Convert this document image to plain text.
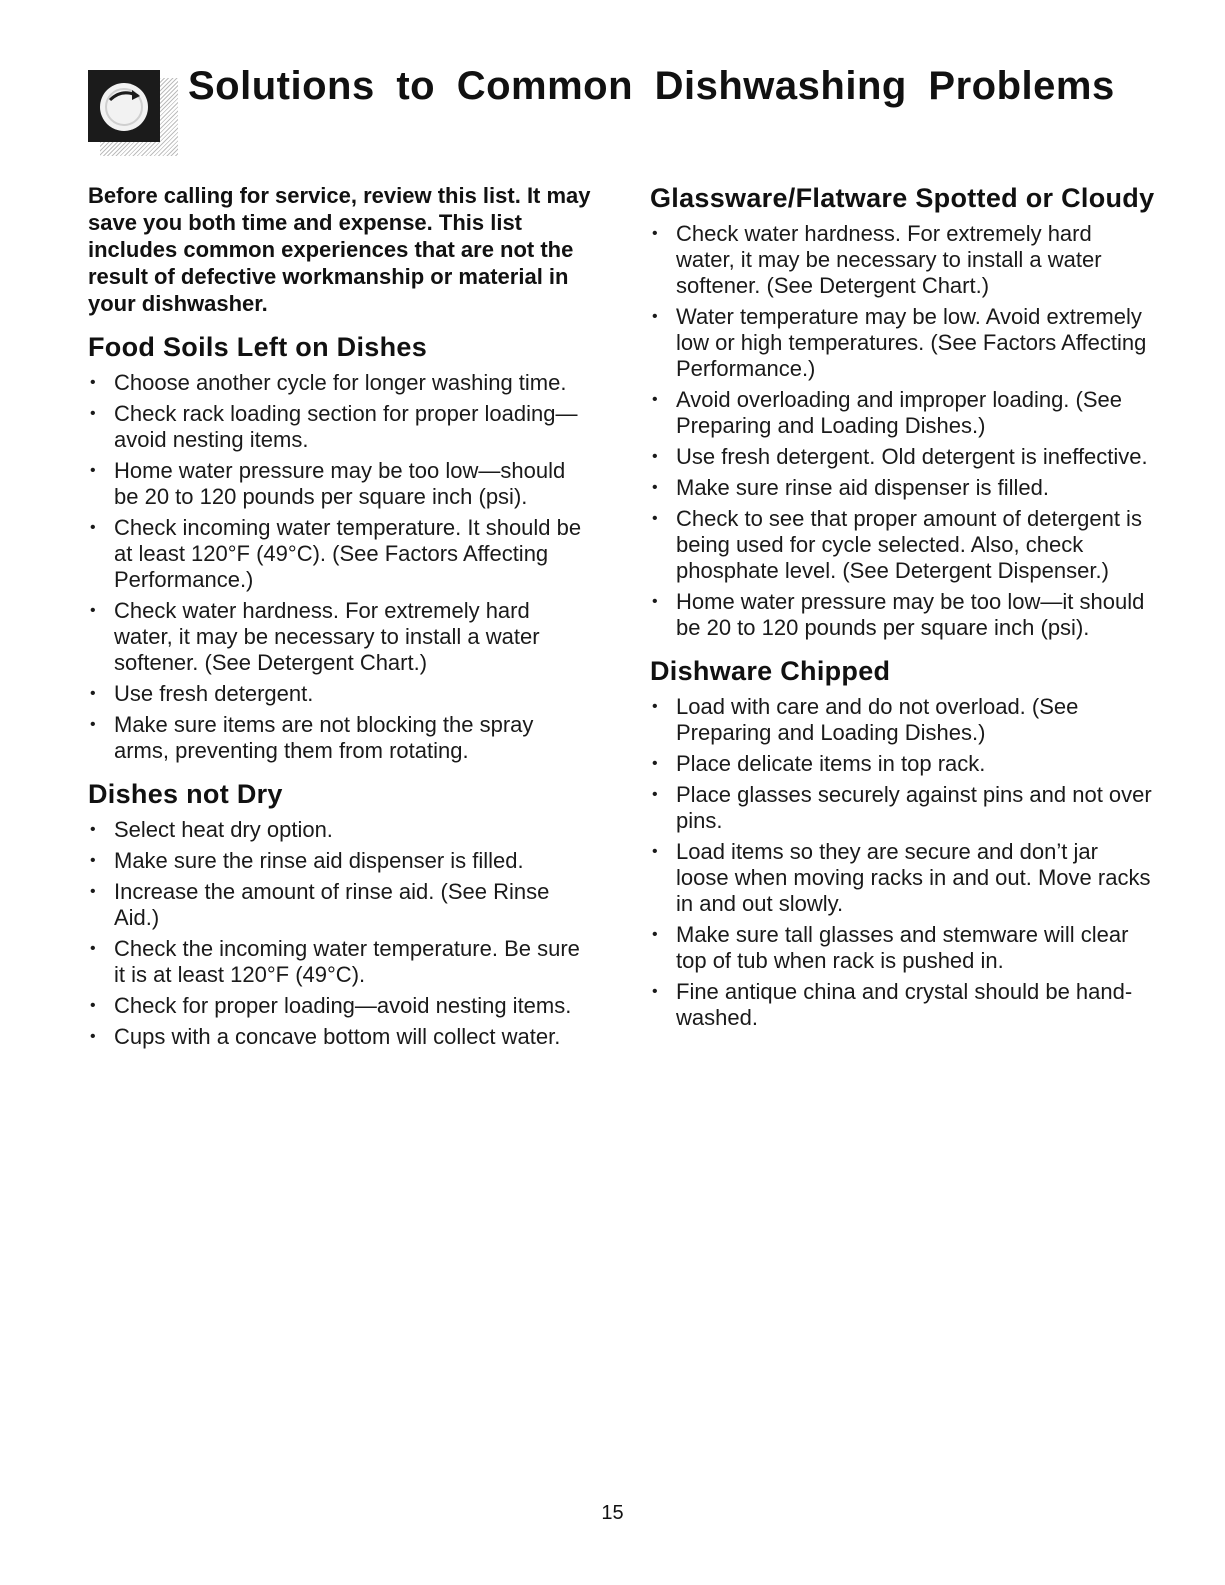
Solutions to Common Dishwashing Problems

Before calling for service, review this list. It may save you both time and expense. This list includes common experiences that are not the result of defective workmanship or material in your dishwasher.

Food Soils Left on Dishes
• Choose another cycle for longer washing time.
• Check rack loading section for proper loading—avoid nesting items.
• Home water pressure may be too low—should be 20 to 120 pounds per square inch (psi).
• Check incoming water temperature. It should be at least 120°F (49°C). (See Factors Affecting Performance.)
• Check water hardness. For extremely hard water, it may be necessary to install a water softener. (See Detergent Chart.)
• Use fresh detergent.
• Make sure items are not blocking the spray arms, preventing them from rotating.
Dishes not Dry
• Select heat dry option.
• Make sure the rinse aid dispenser is filled.
• Increase the amount of rinse aid. (See Rinse Aid.)
• Check the incoming water temperature. Be sure it is at least 120°F (49°C).
• Check for proper loading—avoid nesting items.
• Cups with a concave bottom will collect water.
Glassware/Flatware Spotted or Cloudy
• Check water hardness. For extremely hard water, it may be necessary to install a water softener. (See Detergent Chart.)
• Water temperature may be low. Avoid extremely low or high temperatures. (See Factors Affecting Performance.)
• Avoid overloading and improper loading. (See Preparing and Loading Dishes.)
• Use fresh detergent. Old detergent is ineffective.
• Make sure rinse aid dispenser is filled.
• Check to see that proper amount of detergent is being used for cycle selected. Also, check phosphate level. (See Detergent Dispenser.)
• Home water pressure may be too low—it should be 20 to 120 pounds per square inch (psi).
Dishware Chipped
• Load with care and do not overload. (See Preparing and Loading Dishes.)
• Place delicate items in top rack.
• Place glasses securely against pins and not over pins.
• Load items so they are secure and don’t jar loose when moving racks in and out. Move racks in and out slowly.
• Make sure tall glasses and stemware will clear top of tub when rack is pushed in.
• Fine antique china and crystal should be hand-washed.
15
